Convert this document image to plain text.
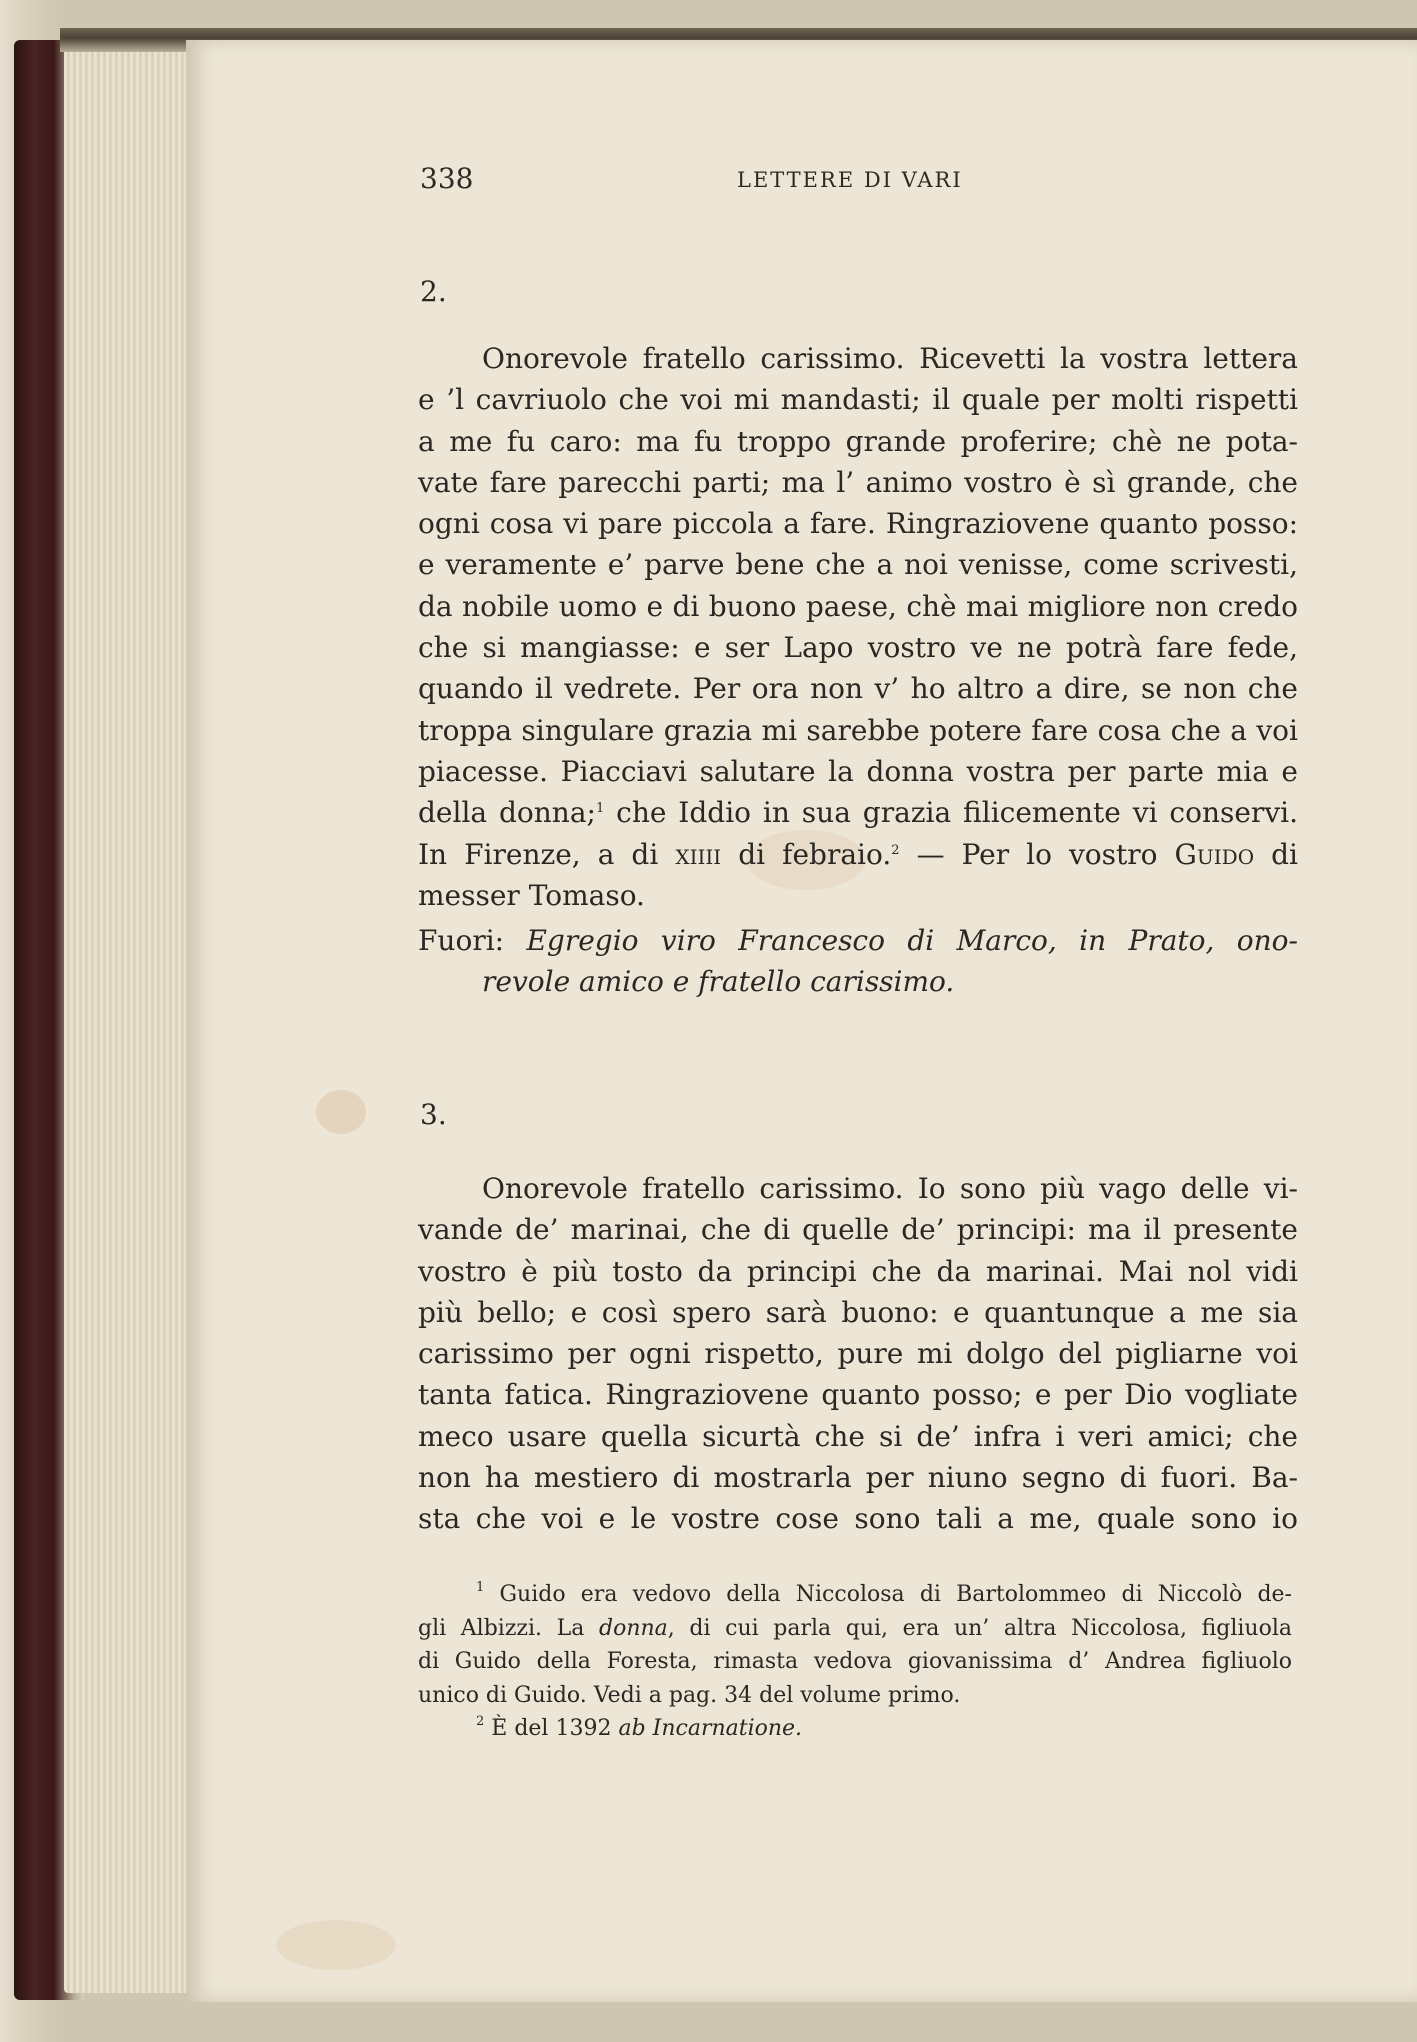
338	LETTERE DI VARI
2.
Onorevole fratello carissimo. Ricevetti la vostra lettera
e ’l cavriuolo che voi mi mandasti; il quale per molti rispetti
a me fu caro: ma fu troppo grande proferire; chè ne pota-
vate fare parecchi parti; ma l’ animo vostro è sì grande, che
ogni cosa vi pare piccola a fare. Ringraziovene quanto posso:
e veramente e’ parve bene che a noi venisse, come scrivesti,
da nobile uomo e di buono paese, chè mai migliore non credo
che si mangiasse: e ser Lapo vostro ve ne potrà fare fede,
quando il vedrete. Per ora non v’ ho altro a dire, se non che
troppa singulare grazia mi sarebbe potere fare cosa che a voi
piacesse. Piacciavi salutare la donna vostra per parte mia e
della donna;$^1$ che Iddio in sua grazia filicemente vi conservi.
In Firenze, a di xiiii di febraio.$^2$ — Per lo vostro Guido di
messer Tomaso.
Fuori: Egregio viro Francesco di Marco, in Prato, ono-
revole amico e fratello carissimo.
3.
Onorevole fratello carissimo. Io sono più vago delle vi-
vande de’ marinai, che di quelle de’ principi: ma il presente
vostro è più tosto da principi che da marinai. Mai nol vidi
più bello; e così spero sarà buono: e quantunque a me sia
carissimo per ogni rispetto, pure mi dolgo del pigliarne voi
tanta fatica. Ringraziovene quanto posso; e per Dio vogliate
meco usare quella sicurtà che si de’ infra i veri amici; che
non ha mestiero di mostrarla per niuno segno di fuori. Ba-
sta che voi e le vostre cose sono tali a me, quale sono io
$^1$ Guido era vedovo della Niccolosa di Bartolommeo di Niccolò de-
gli Albizzi. La donna, di cui parla qui, era un’ altra Niccolosa, figliuola
di Guido della Foresta, rimasta vedova giovanissima d’ Andrea figliuolo
unico di Guido. Vedi a pag. 34 del volume primo.
$^2$ È del 1392 ab Incarnatione.
